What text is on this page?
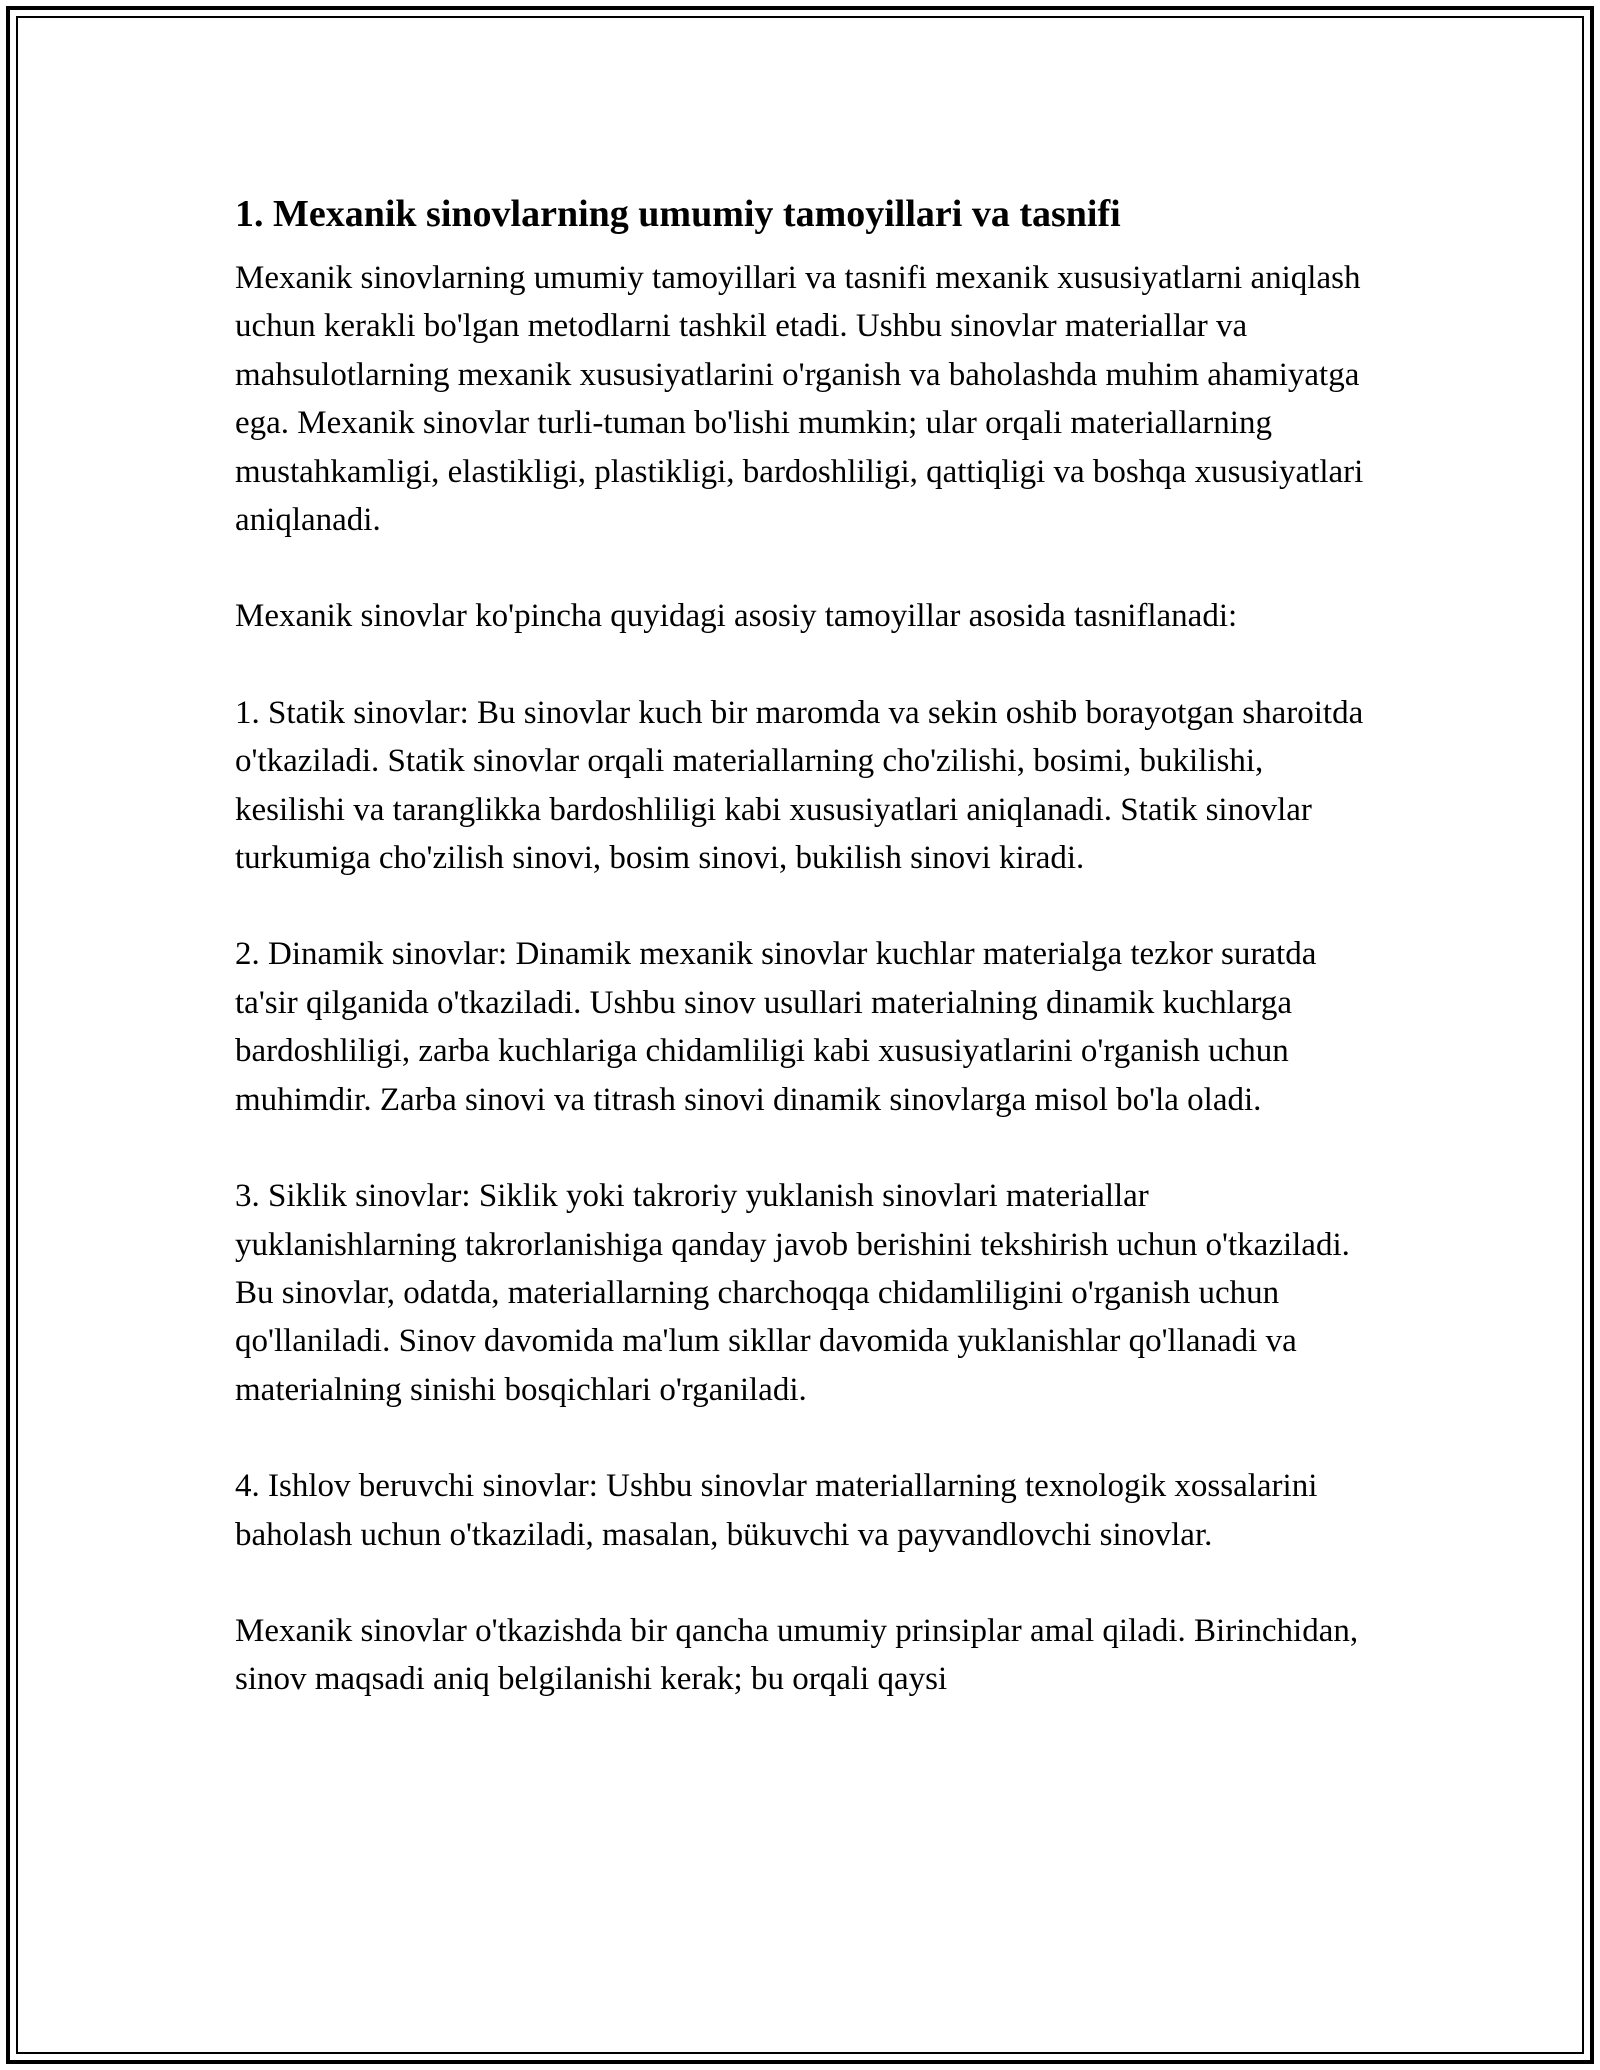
1. Mexanik sinovlarning umumiy tamoyillari va tasnifi

Mexanik sinovlarning umumiy tamoyillari va tasnifi mexanik xususiyatlarni aniqlash uchun kerakli bo'lgan metodlarni tashkil etadi. Ushbu sinovlar materiallar va mahsulotlarning mexanik xususiyatlarini o'rganish va baholashda muhim ahamiyatga ega. Mexanik sinovlar turli-tuman bo'lishi mumkin; ular orqali materiallarning mustahkamligi, elastikligi, plastikligi, bardoshliligi, qattiqligi va boshqa xususiyatlari aniqlanadi.

Mexanik sinovlar ko'pincha quyidagi asosiy tamoyillar asosida tasniflanadi:

1. Statik sinovlar: Bu sinovlar kuch bir maromda va sekin oshib borayotgan sharoitda o'tkaziladi. Statik sinovlar orqali materiallarning cho'zilishi, bosimi, bukilishi, kesilishi va taranglikka bardoshliligi kabi xususiyatlari aniqlanadi. Statik sinovlar turkumiga cho'zilish sinovi, bosim sinovi, bukilish sinovi kiradi.

2. Dinamik sinovlar: Dinamik mexanik sinovlar kuchlar materialga tezkor suratda ta'sir qilganida o'tkaziladi. Ushbu sinov usullari materialning dinamik kuchlarga bardoshliligi, zarba kuchlariga chidamliligi kabi xususiyatlarini o'rganish uchun muhimdir. Zarba sinovi va titrash sinovi dinamik sinovlarga misol bo'la oladi.

3. Siklik sinovlar: Siklik yoki takroriy yuklanish sinovlari materiallar yuklanishlarning takrorlanishiga qanday javob berishini tekshirish uchun o'tkaziladi. Bu sinovlar, odatda, materiallarning charchoqqa chidamliligini o'rganish uchun qo'llaniladi. Sinov davomida ma'lum sikllar davomida yuklanishlar qo'llanadi va materialning sinishi bosqichlari o'rganiladi.

4. Ishlov beruvchi sinovlar: Ushbu sinovlar materiallarning texnologik xossalarini baholash uchun o'tkaziladi, masalan, bükuvchi va payvandlovchi sinovlar.

Mexanik sinovlar o'tkazishda bir qancha umumiy prinsiplar amal qiladi. Birinchidan, sinov maqsadi aniq belgilanishi kerak; bu orqali qaysi
